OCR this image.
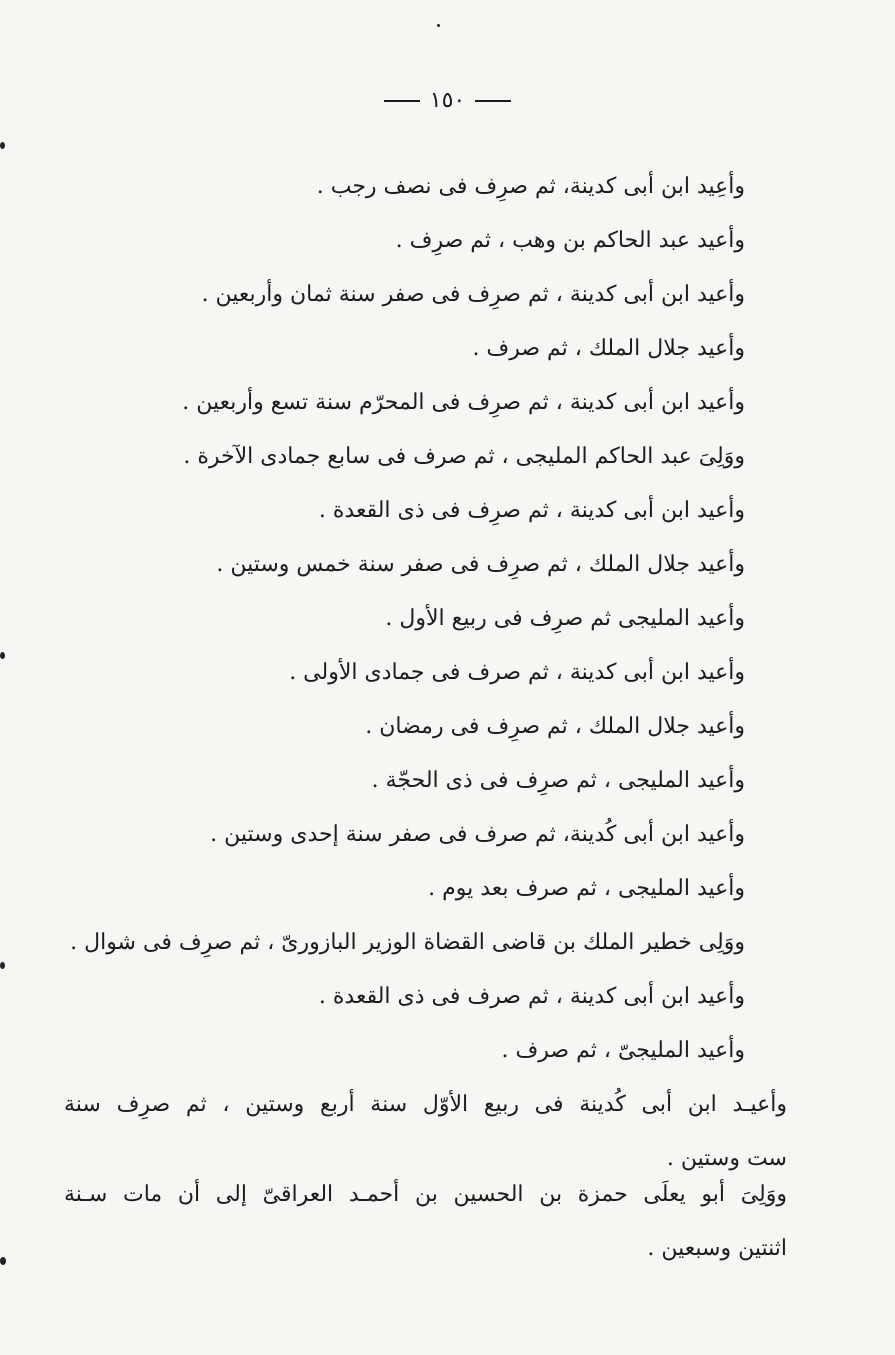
١٥٠
وأعِيد ابن أبى كدينة، ثم صرِف فى نصف رجب .
وأعيد عبد الحاكم بن وهب ، ثم صرِف .
وأعيد ابن أبى كدينة ، ثم صرِف فى صفر سنة ثمان وأربعين .
وأعيد جلال الملك ، ثم صرف .
وأعيد ابن أبى كدينة ، ثم صرِف فى المحرّم سنة تسع وأربعين .
ووَلِىَ عبد الحاكم المليجى ، ثم صرف فى سابع جمادى الآخرة .
وأعيد ابن أبى كدينة ، ثم صرِف فى ذى القعدة .
وأعيد جلال الملك ، ثم صرِف فى صفر سنة خمس وستين .
وأعيد المليجى ثم صرِف فى ربيع الأول .
وأعيد ابن أبى كدينة ، ثم صرف فى جمادى الأولى .
وأعيد جلال الملك ، ثم صرِف فى رمضان .
وأعيد المليجى ، ثم صرِف فى ذى الحجّة .
وأعيد ابن أبى كُدينة، ثم صرف فى صفر سنة إحدى وستين .
وأعيد المليجى ، ثم صرف بعد يوم .
ووَلِى خطير الملك بن قاضى القضاة الوزير البازورىّ ، ثم صرِف فى شوال .
وأعيد ابن أبى كدينة ، ثم صرف فى ذى القعدة .
وأعيد المليجىّ ، ثم صرف .
وأعيـد ابن أبى كُدينة فى ربيع الأوّل سنة أربع وستين ، ثم صرِف سنة
ست وستين .
ووَلِىَ أبو يعلَى حمزة بن الحسين بن أحمـد العراقىّ إلى أن مات سـنة
اثنتين وسبعين .
